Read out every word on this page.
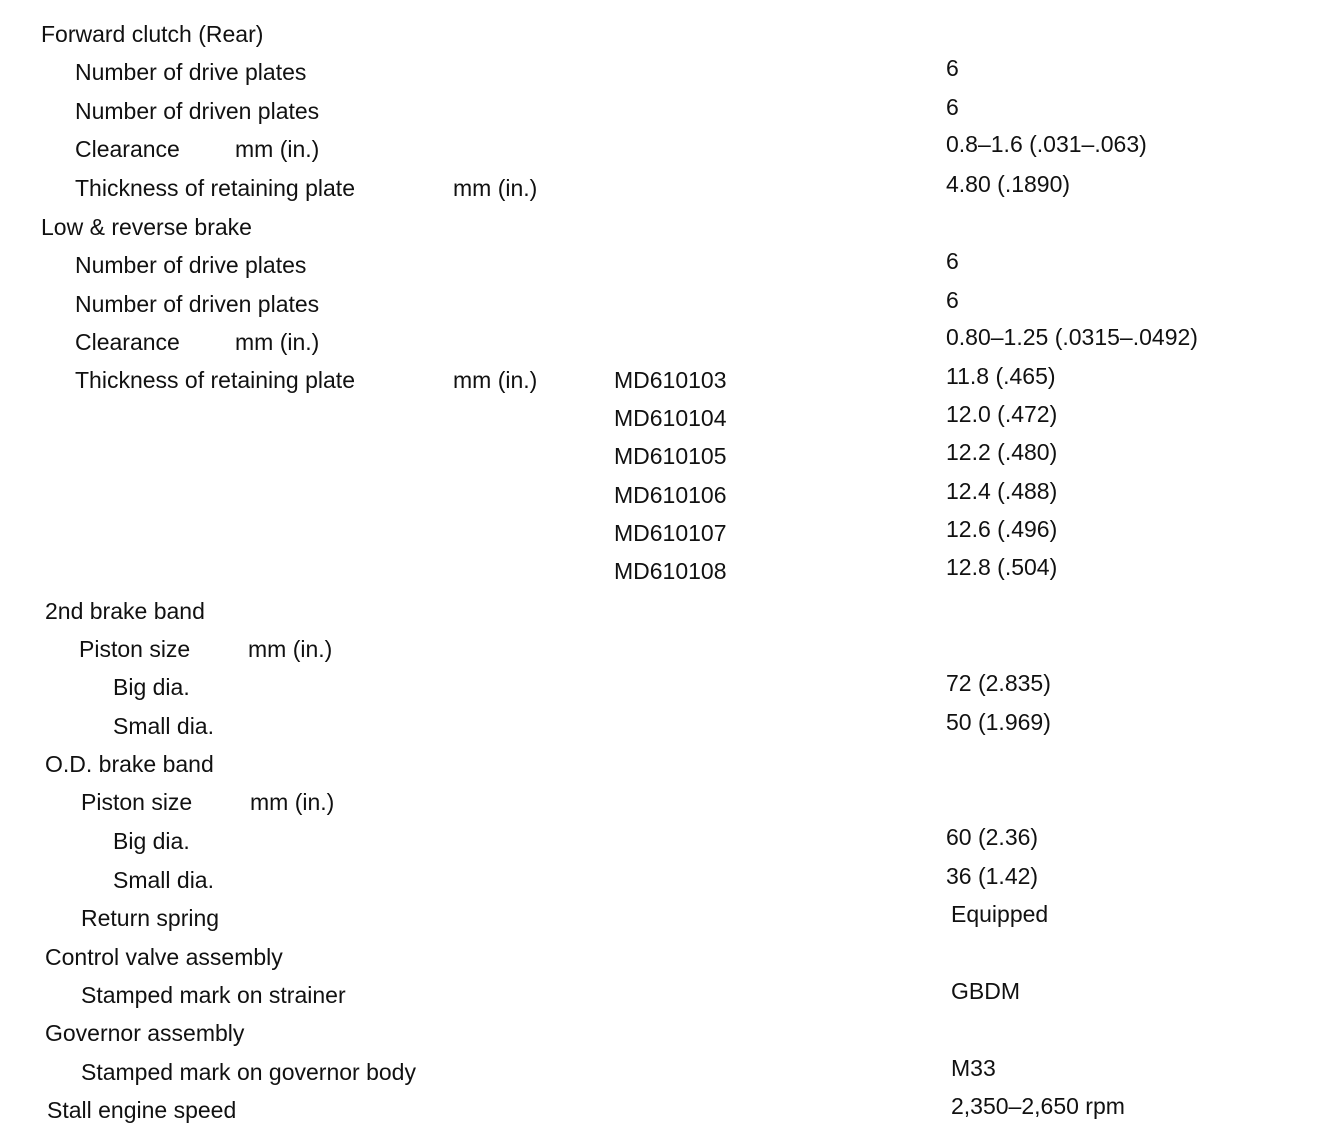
Forward clutch (Rear)
Number of drive plates	6
Number of driven plates	6
Clearance mm (in.)	0.8–1.6 (.031–.063)
Thickness of retaining plate	mm (in.)	4.80 (.1890)
Low & reverse brake
Number of drive plates	6
Number of driven plates	6
Clearance mm (in.)	0.80–1.25 (.0315–.0492)
Thickness of retaining plate	mm (in.)	MD610103	11.8 (.465)
MD610104	12.0 (.472)
MD610105	12.2 (.480)
MD610106	12.4 (.488)
MD610107	12.6 (.496)
MD610108	12.8 (.504)
2nd brake band
Piston size	mm (in.)
Big dia.	72 (2.835)
Small dia.	50 (1.969)
O.D. brake band
Piston size	mm (in.)
Big dia.	60 (2.36)
Small dia.	36 (1.42)
Return spring	Equipped
Control valve assembly
Stamped mark on strainer	GBDM
Governor assembly
Stamped mark on governor body	M33
Stall engine speed	2,350–2,650 rpm
